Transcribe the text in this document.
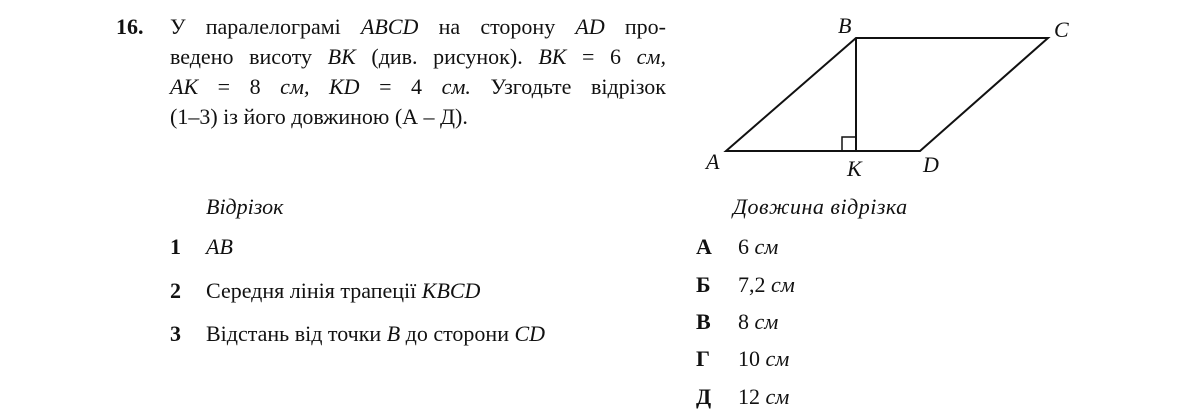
16. У паралелограмі ABCD на сторону AD про-
ведено висоту BK (див. рисунок). BK = 6 см,
AK = 8 см, KD = 4 см. Узгодьте відрізок
(1–3) із його довжиною (А – Д).
A
B	C
D
K
Відрізок	Довжина відрізка
1 AB
2 Середня лінія трапеції KBCD
3 Відстань від точки B до сторони CD
А 6 см
Б 7,2 см
В 8 см
Г 10 см
Д 12 см
